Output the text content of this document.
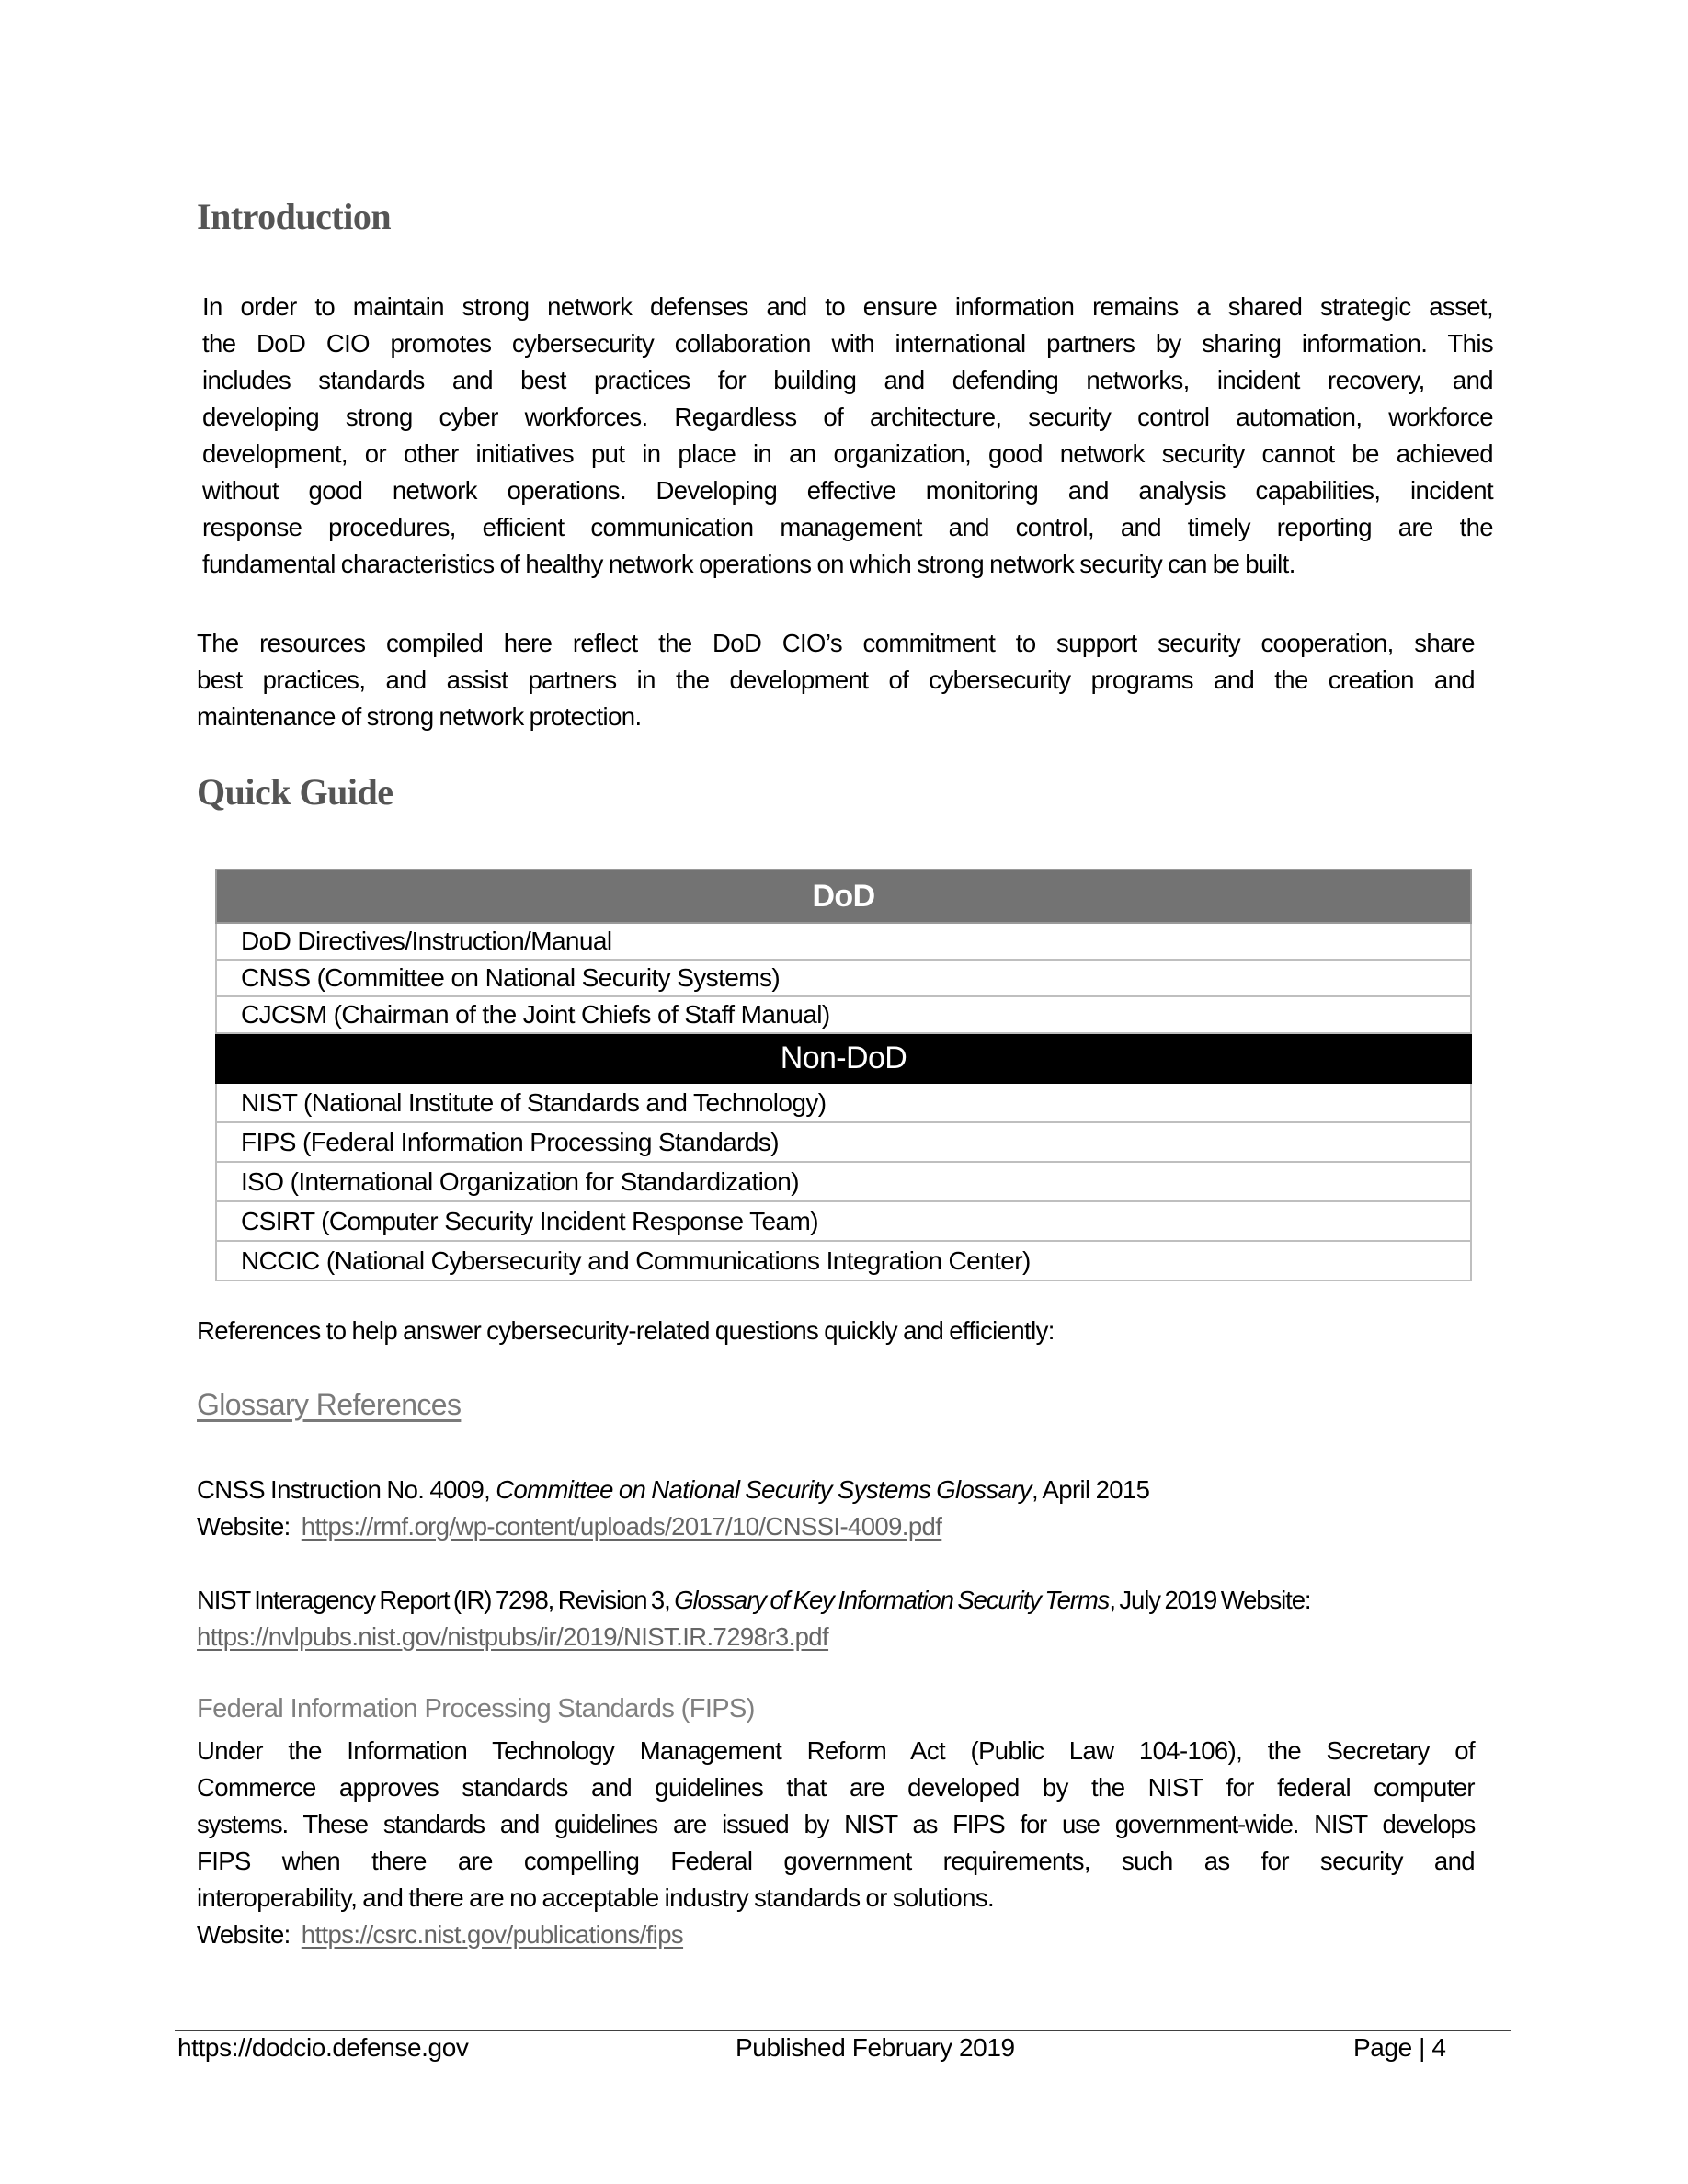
Introduction
In order to maintain strong network defenses and to ensure information remains a shared strategic asset,
the DoD CIO promotes cybersecurity collaboration with international partners by sharing information. This
includes standards and best practices for building and defending networks, incident recovery, and
developing strong cyber workforces. Regardless of architecture, security control automation, workforce
development, or other initiatives put in place in an organization, good network security cannot be achieved
without good network operations. Developing effective monitoring and analysis capabilities, incident
response procedures, efficient communication management and control, and timely reporting are the
fundamental characteristics of healthy network operations on which strong network security can be built.
The resources compiled here reflect the DoD CIO’s commitment to support security cooperation, share
best practices, and assist partners in the development of cybersecurity programs and the creation and
maintenance of strong network protection.
Quick Guide
DoD
DoD Directives/Instruction/Manual
CNSS (Committee on National Security Systems)
CJCSM (Chairman of the Joint Chiefs of Staff Manual)
Non-DoD
NIST (National Institute of Standards and Technology)
FIPS (Federal Information Processing Standards)
ISO (International Organization for Standardization)
CSIRT (Computer Security Incident Response Team)
NCCIC (National Cybersecurity and Communications Integration Center)
References to help answer cybersecurity-related questions quickly and efficiently:
Glossary References
CNSS Instruction No. 4009, Committee on National Security Systems Glossary, April 2015
Website: https://rmf.org/wp-content/uploads/2017/10/CNSSI-4009.pdf
NIST Interagency Report (IR) 7298, Revision 3, Glossary of Key Information Security Terms, July 2019 Website:
https://nvlpubs.nist.gov/nistpubs/ir/2019/NIST.IR.7298r3.pdf
Federal Information Processing Standards (FIPS)
Under the Information Technology Management Reform Act (Public Law 104-106), the Secretary of
Commerce approves standards and guidelines that are developed by the NIST for federal computer
systems. These standards and guidelines are issued by NIST as FIPS for use government-wide. NIST develops
FIPS when there are compelling Federal government requirements, such as for security and
interoperability, and there are no acceptable industry standards or solutions.
Website: https://csrc.nist.gov/publications/fips
https://dodcio.defense.gov	Published February 2019	Page | 4
